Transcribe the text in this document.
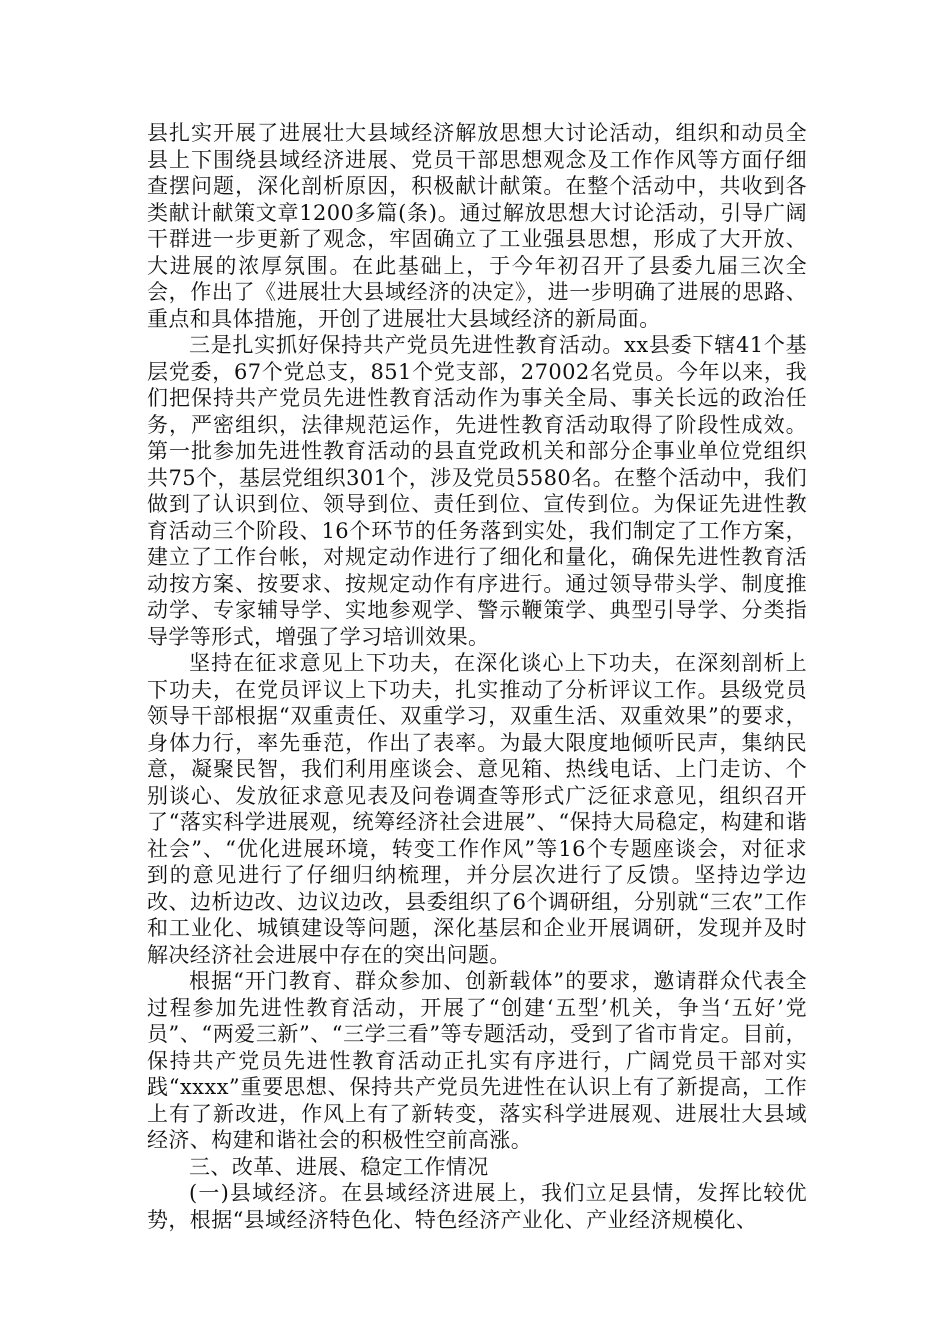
县扎实开展了进展壮大县域经济解放思想大讨论活动，组织和动员全县上下围绕县域经济进展、党员干部思想观念及工作作风等方面仔细查摆问题，深化剖析原因，积极献计献策。在整个活动中，共收到各类献计献策文章1200多篇(条)。通过解放思想大讨论活动，引导广阔干群进一步更新了观念，牢固确立了工业强县思想，形成了大开放、大进展的浓厚氛围。在此基础上，于今年初召开了县委九届三次全会，作出了《进展壮大县域经济的决定》，进一步明确了进展的思路、重点和具体措施，开创了进展壮大县域经济的新局面。

三是扎实抓好保持共产党员先进性教育活动。xx县委下辖41个基层党委，67个党总支，851个党支部，27002名党员。今年以来，我们把保持共产党员先进性教育活动作为事关全局、事关长远的政治任务，严密组织，法律规范运作，先进性教育活动取得了阶段性成效。第一批参加先进性教育活动的县直党政机关和部分企事业单位党组织共75个，基层党组织301个，涉及党员5580名。在整个活动中，我们做到了认识到位、领导到位、责任到位、宣传到位。为保证先进性教育活动三个阶段、16个环节的任务落到实处，我们制定了工作方案，建立了工作台帐，对规定动作进行了细化和量化，确保先进性教育活动按方案、按要求、按规定动作有序进行。通过领导带头学、制度推动学、专家辅导学、实地参观学、警示鞭策学、典型引导学、分类指导学等形式，增强了学习培训效果。

坚持在征求意见上下功夫，在深化谈心上下功夫，在深刻剖析上下功夫，在党员评议上下功夫，扎实推动了分析评议工作。县级党员领导干部根据“双重责任、双重学习，双重生活、双重效果”的要求，身体力行，率先垂范，作出了表率。为最大限度地倾听民声，集纳民意，凝聚民智，我们利用座谈会、意见箱、热线电话、上门走访、个别谈心、发放征求意见表及问卷调查等形式广泛征求意见，组织召开了“落实科学进展观，统筹经济社会进展”、“保持大局稳定，构建和谐社会”、“优化进展环境，转变工作作风”等16个专题座谈会，对征求到的意见进行了仔细归纳梳理，并分层次进行了反馈。坚持边学边改、边析边改、边议边改，县委组织了6个调研组，分别就“三农”工作和工业化、城镇建设等问题，深化基层和企业开展调研，发现并及时解决经济社会进展中存在的突出问题。

根据“开门教育、群众参加、创新载体”的要求，邀请群众代表全过程参加先进性教育活动，开展了“创建‘五型’机关，争当‘五好’党员”、“两爱三新”、“三学三看”等专题活动，受到了省市肯定。目前，保持共产党员先进性教育活动正扎实有序进行，广阔党员干部对实践“xxxx”重要思想、保持共产党员先进性在认识上有了新提高，工作上有了新改进，作风上有了新转变，落实科学进展观、进展壮大县域经济、构建和谐社会的积极性空前高涨。

三、改革、进展、稳定工作情况

(一)县域经济。在县域经济进展上，我们立足县情，发挥比较优势，根据“县域经济特色化、特色经济产业化、产业经济规模化、
